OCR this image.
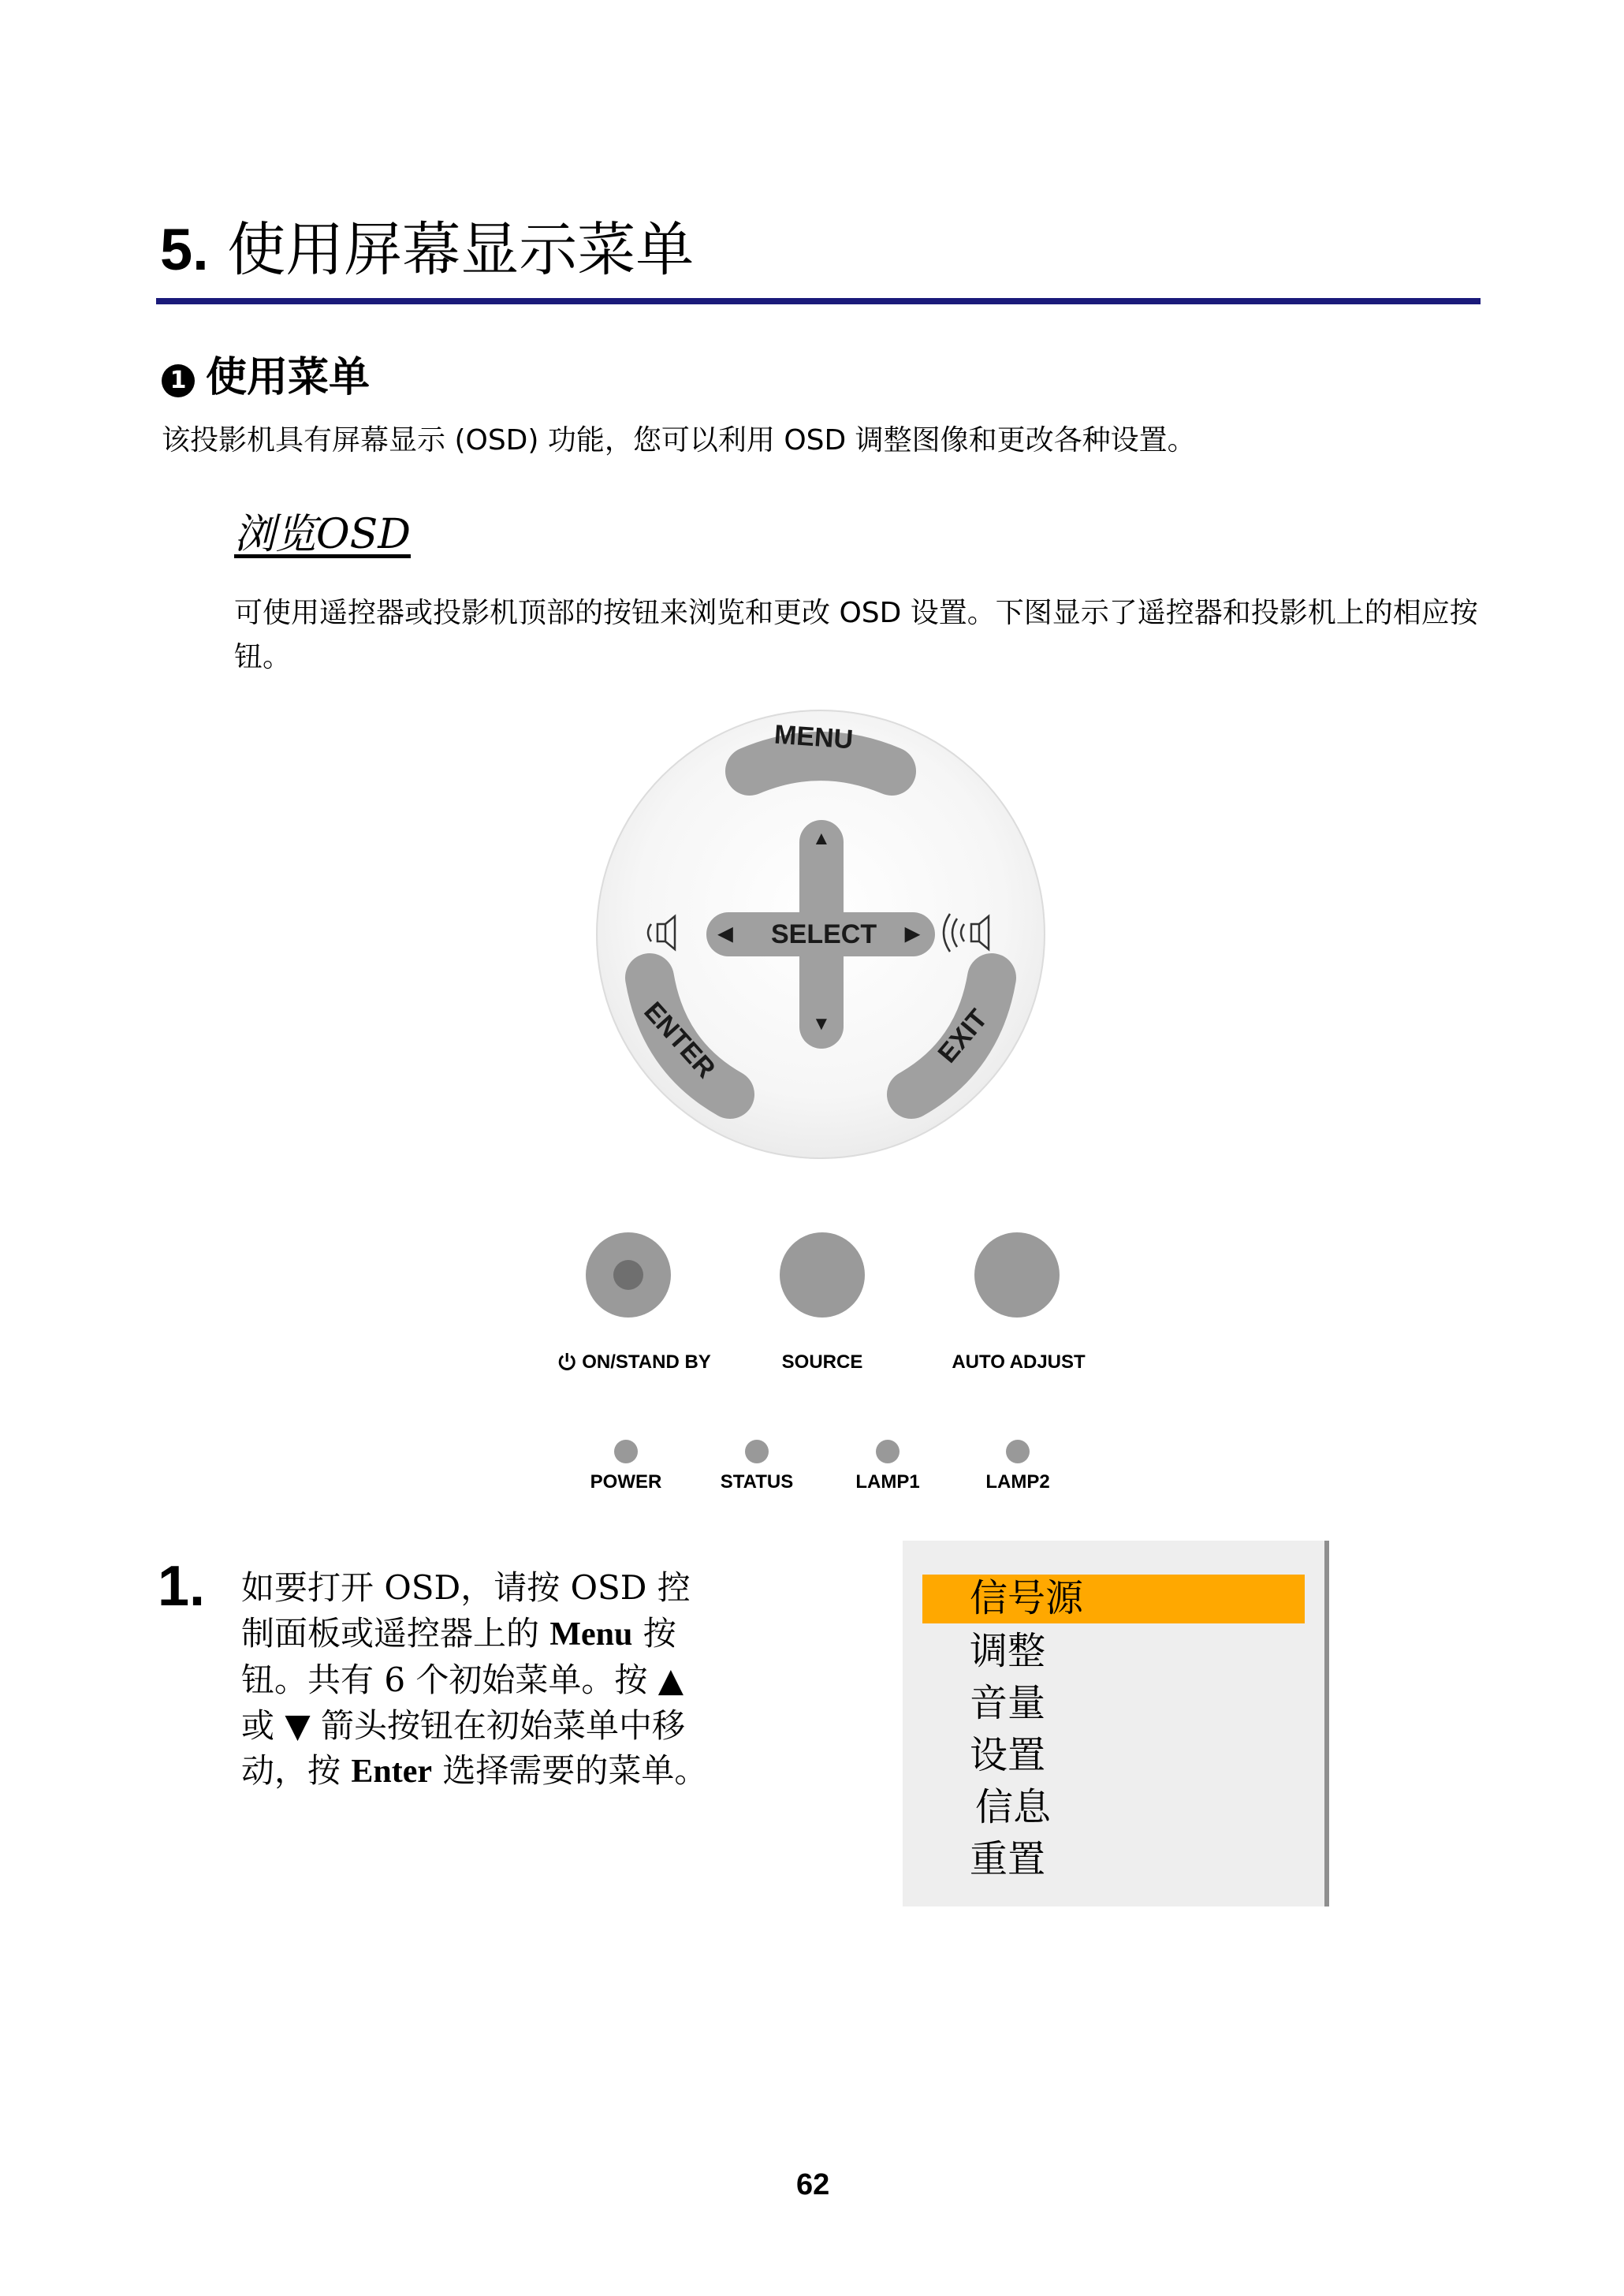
5. 使用屏幕显示菜单
1 使用菜单
该投影机具有屏幕显示 (OSD) 功能，您可以利用 OSD 调整图像和更改各种设置。
浏览OSD
可使用遥控器或投影机顶部的按钮来浏览和更改 OSD 设置。下图显示了遥控器和投影机上的相应按钮。
MENU
SELECT
▲
▼
◀	▶
ENTER	EXIT
ON/STAND BY	SOURCE	AUTO ADJUST
POWER	STATUS	LAMP1	LAMP2
1. 如要打开 OSD，请按 OSD 控制面板或遥控器上的 Menu 按钮。共有 6 个初始菜单。按 ▲ 或 ▼ 箭头按钮在初始菜单中移动，按 Enter 选择需要的菜单。
信号源
调整
音量
设置
信息
重置
62
